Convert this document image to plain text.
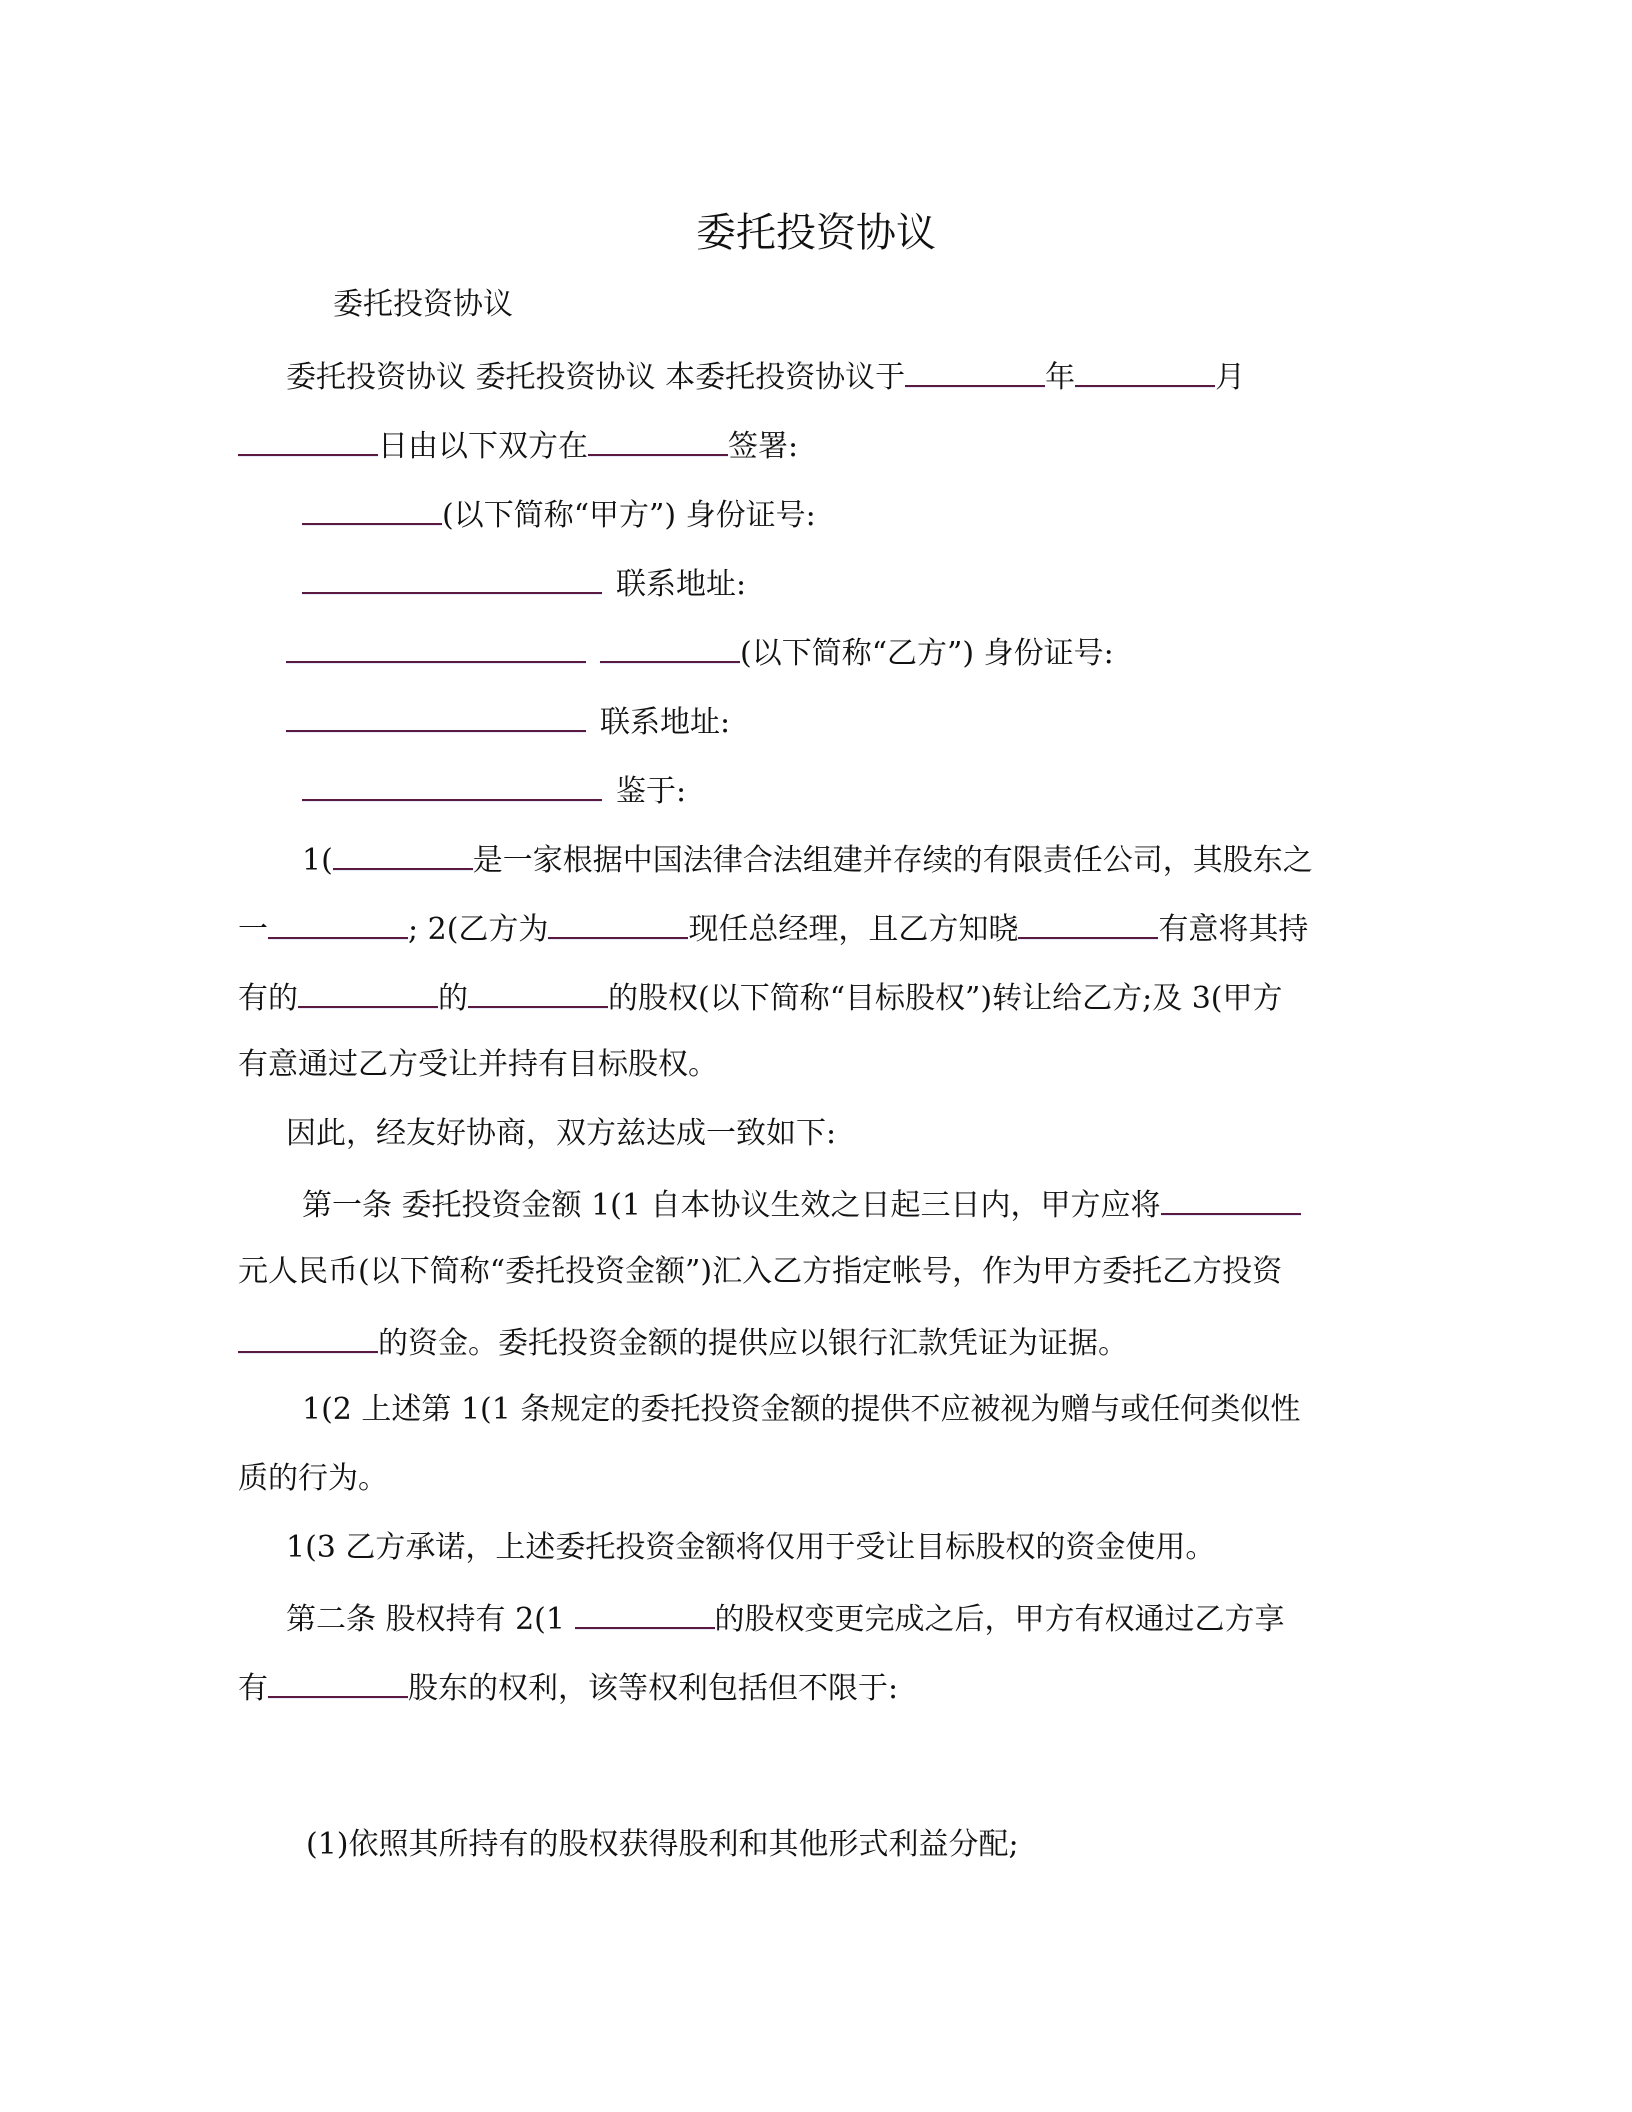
委托投资协议
委托投资协议
委托投资协议 委托投资协议 本委托投资协议于	年	月
日由以下双方在	签署:
(以下简称“甲方”) 身份证号:
联系地址:
(以下简称“乙方”) 身份证号:
联系地址:
鉴于:
1(	是一家根据中国法律合法组建并存续的有限责任公司，其股东之
一	; 2(乙方为	现任总经理，且乙方知晓	有意将其持
有的	的	的股权(以下简称“目标股权”)转让给乙方;及 3(甲方
有意通过乙方受让并持有目标股权。
因此，经友好协商，双方兹达成一致如下:
第一条 委托投资金额 1(1 自本协议生效之日起三日内，甲方应将
元人民币(以下简称“委托投资金额”)汇入乙方指定帐号，作为甲方委托乙方投资
的资金。委托投资金额的提供应以银行汇款凭证为证据。
1(2 上述第 1(1 条规定的委托投资金额的提供不应被视为赠与或任何类似性
质的行为。
1(3 乙方承诺，上述委托投资金额将仅用于受让目标股权的资金使用。
第二条 股权持有 2(1	的股权变更完成之后，甲方有权通过乙方享
有	股东的权利，该等权利包括但不限于:
(1)依照其所持有的股权获得股利和其他形式利益分配;
